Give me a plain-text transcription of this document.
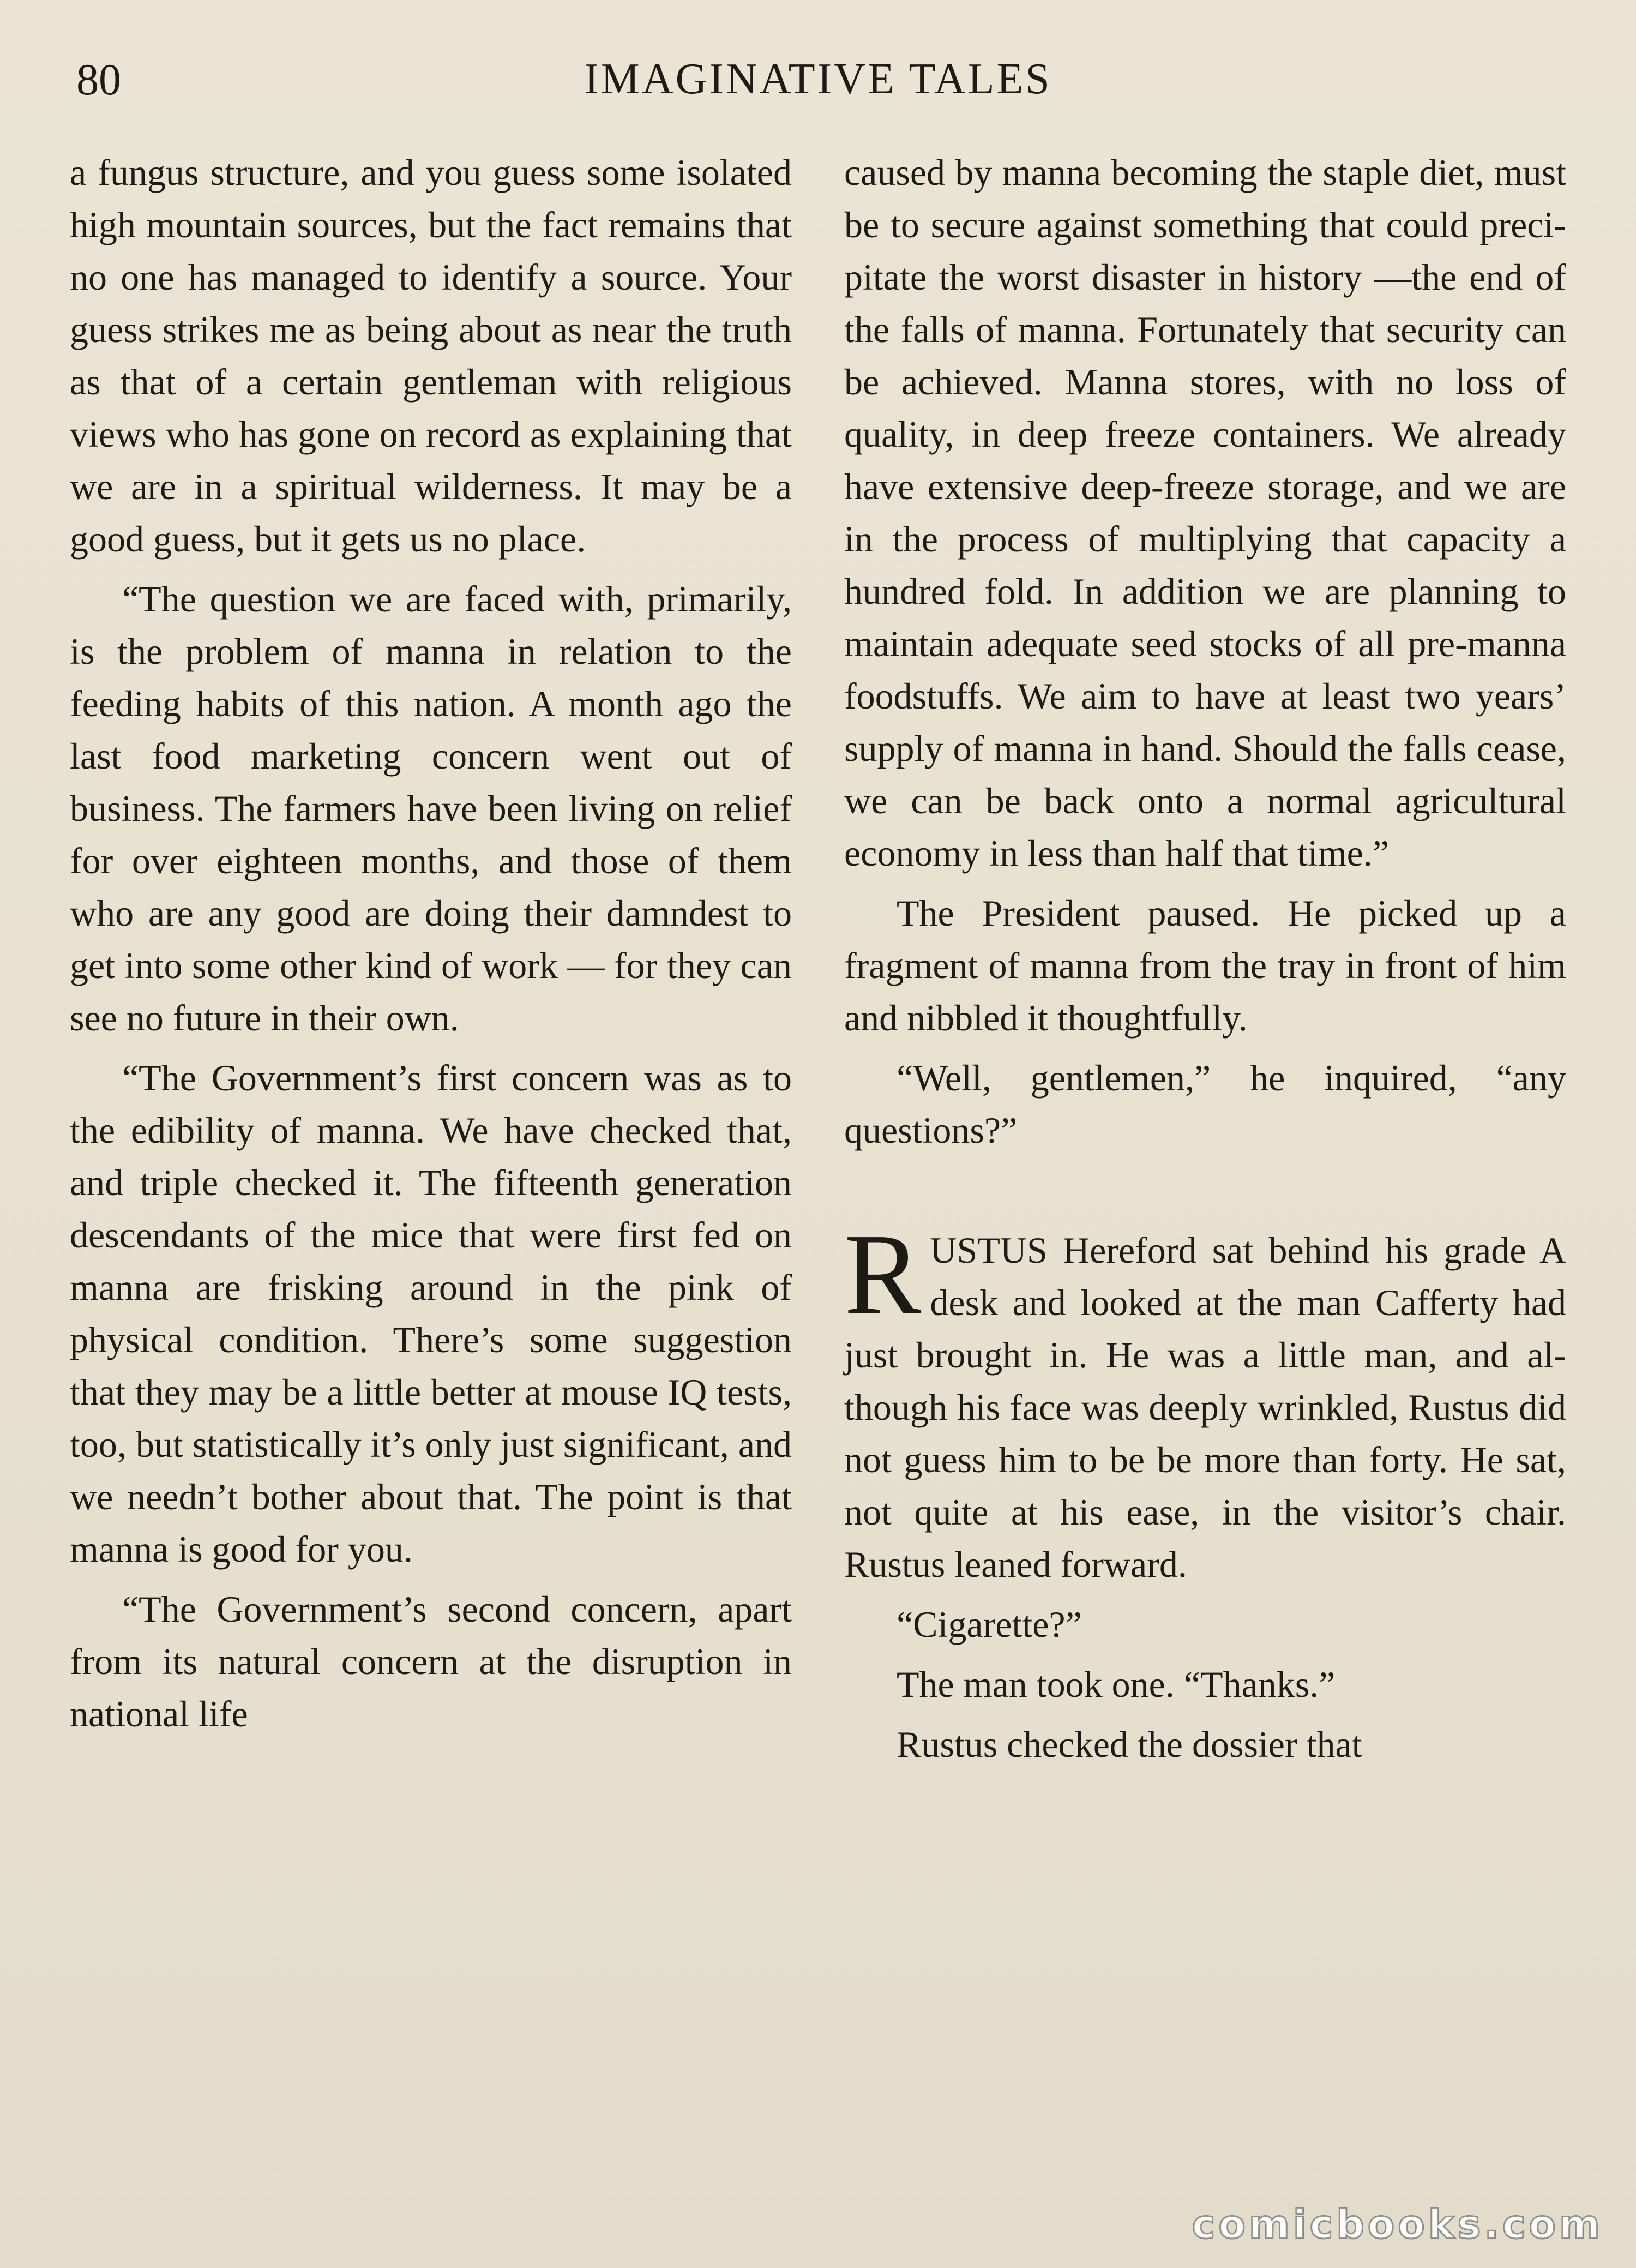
80	IMAGINATIVE TALES

a fungus structure, and you guess some isolated high mountain sources, but the fact remains that no one has managed to identify a source. Your guess strikes me as being about as near the truth as that of a certain gentleman with religious views who has gone on record as explaining that we are in a spiritual wilderness. It may be a good guess, but it gets us no place.

“The question we are faced with, primarily, is the problem of manna in relation to the feeding habits of this nation. A month ago the last food marketing concern went out of business. The farmers have been living on relief for over eighteen months, and those of them who are any good are doing their damndest to get into some other kind of work — for they can see no future in their own.

“The Government’s first concern was as to the edibility of manna. We have checked that, and triple checked it. The fifteenth generation descendants of the mice that were first fed on manna are frisking around in the pink of physical condition. There’s some suggestion that they may be a little better at mouse IQ tests, too, but statistically it’s only just significant, and we needn’t bother about that. The point is that manna is good for you.

“The Government’s second concern, apart from its natural concern at the disruption in national life

caused by manna becoming the staple diet, must be to secure against something that could precipitate the worst disaster in history —the end of the falls of manna. Fortunately that security can be achieved. Manna stores, with no loss of quality, in deep freeze containers. We already have extensive deep-freeze storage, and we are in the process of multiplying that capacity a hundred fold. In addition we are planning to maintain adequate seed stocks of all pre-manna foodstuffs. We aim to have at least two years’ supply of manna in hand. Should the falls cease, we can be back onto a normal agricultural economy in less than half that time.”

The President paused. He picked up a fragment of manna from the tray in front of him and nibbled it thoughtfully.

“Well, gentlemen,” he inquired, “any questions?”

RUSTUS Hereford sat behind his grade A desk and looked at the man Cafferty had just brought in. He was a little man, and although his face was deeply wrinkled, Rustus did not guess him to be be more than forty. He sat, not quite at his ease, in the visitor’s chair. Rustus leaned forward.

“Cigarette?”

The man took one. “Thanks.”

Rustus checked the dossier that

comicbooks.com
